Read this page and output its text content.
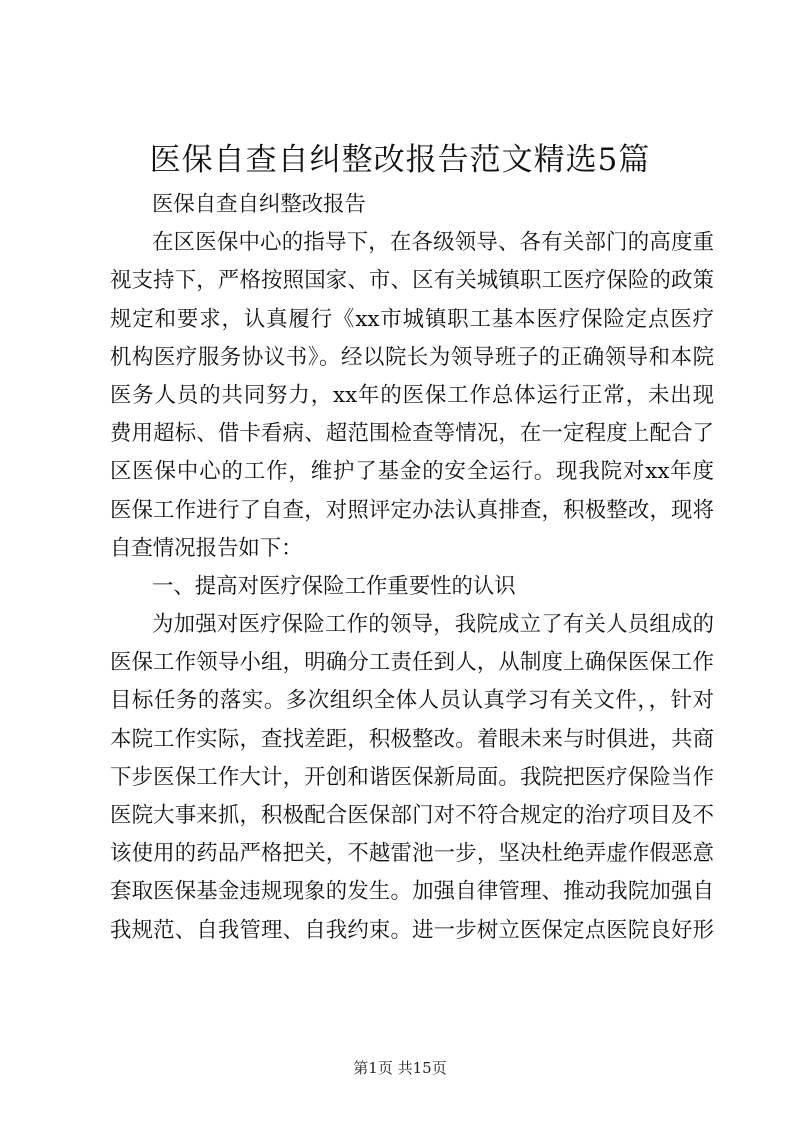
医保自查自纠整改报告范文精选5篇
医保自查自纠整改报告
在区医保中心的指导下，在各级领导、各有关部门的高度重
视支持下，严格按照国家、市、区有关城镇职工医疗保险的政策
规定和要求，认真履行《xx市城镇职工基本医疗保险定点医疗
机构医疗服务协议书》。经以院长为领导班子的正确领导和本院
医务人员的共同努力，xx年的医保工作总体运行正常，未出现
费用超标、借卡看病、超范围检查等情况，在一定程度上配合了
区医保中心的工作，维护了基金的安全运行。现我院对xx年度
医保工作进行了自查，对照评定办法认真排查，积极整改，现将
自查情况报告如下：
一、提高对医疗保险工作重要性的认识
为加强对医疗保险工作的领导，我院成立了有关人员组成的
医保工作领导小组，明确分工责任到人，从制度上确保医保工作
目标任务的落实。多次组织全体人员认真学习有关文件，，针对
本院工作实际，查找差距，积极整改。着眼未来与时俱进，共商
下步医保工作大计，开创和谐医保新局面。我院把医疗保险当作
医院大事来抓，积极配合医保部门对不符合规定的治疗项目及不
该使用的药品严格把关，不越雷池一步，坚决杜绝弄虚作假恶意
套取医保基金违规现象的发生。加强自律管理、推动我院加强自
我规范、自我管理、自我约束。进一步树立医保定点医院良好形
第1页 共15页
